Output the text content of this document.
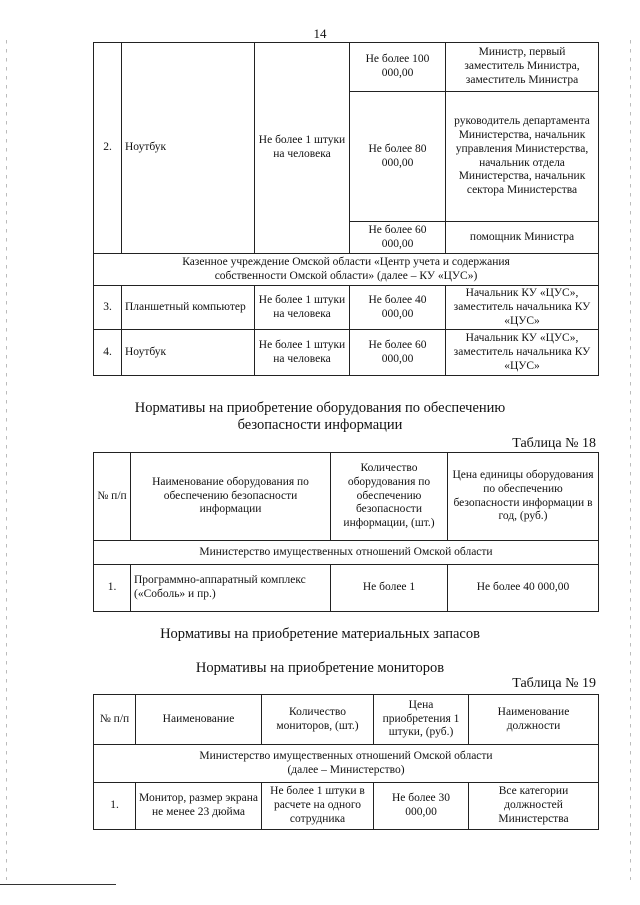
14
2.	Ноутбук	Не более 1 штуки на человека	Не более 100 000,00	Министр, первый заместитель Министра, заместитель Министра
			Не более 80 000,00	руководитель департамента Министерства, начальник управления Министерства, начальник отдела Министерства, начальник сектора Министерства
			Не более 60 000,00	помощник Министра
Казенное учреждение Омской области «Центр учета и содержания собственности Омской области» (далее – КУ «ЦУС»)				
3.	Планшетный компьютер	Не более 1 штуки на человека	Не более 40 000,00	Начальник КУ «ЦУС», заместитель начальника КУ «ЦУС»
4.	Ноутбук	Не более 1 штуки на человека	Не более 60 000,00	Начальник КУ «ЦУС», заместитель начальника КУ «ЦУС»
Нормативы на приобретение оборудования по обеспечению безопасности информации
Таблица № 18
№ п/п	Наименование оборудования по обеспечению безопасности информации	Количество оборудования по обеспечению безопасности информации, (шт.)	Цена единицы оборудования по обеспечению безопасности информации в год, (руб.)
Министерство имущественных отношений Омской области			
1.	Программно-аппаратный комплекс («Соболь» и пр.)	Не более 1	Не более 40 000,00
Нормативы на приобретение материальных запасов
Нормативы на приобретение мониторов
Таблица № 19
№ п/п	Наименование	Количество мониторов, (шт.)	Цена приобретения 1 штуки, (руб.)	Наименование должности
Министерство имущественных отношений Омской области (далее – Министерство)				
1.	Монитор, размер экрана не менее 23 дюйма	Не более 1 штуки в расчете на одного сотрудника	Не более 30 000,00	Все категории должностей Министерства
